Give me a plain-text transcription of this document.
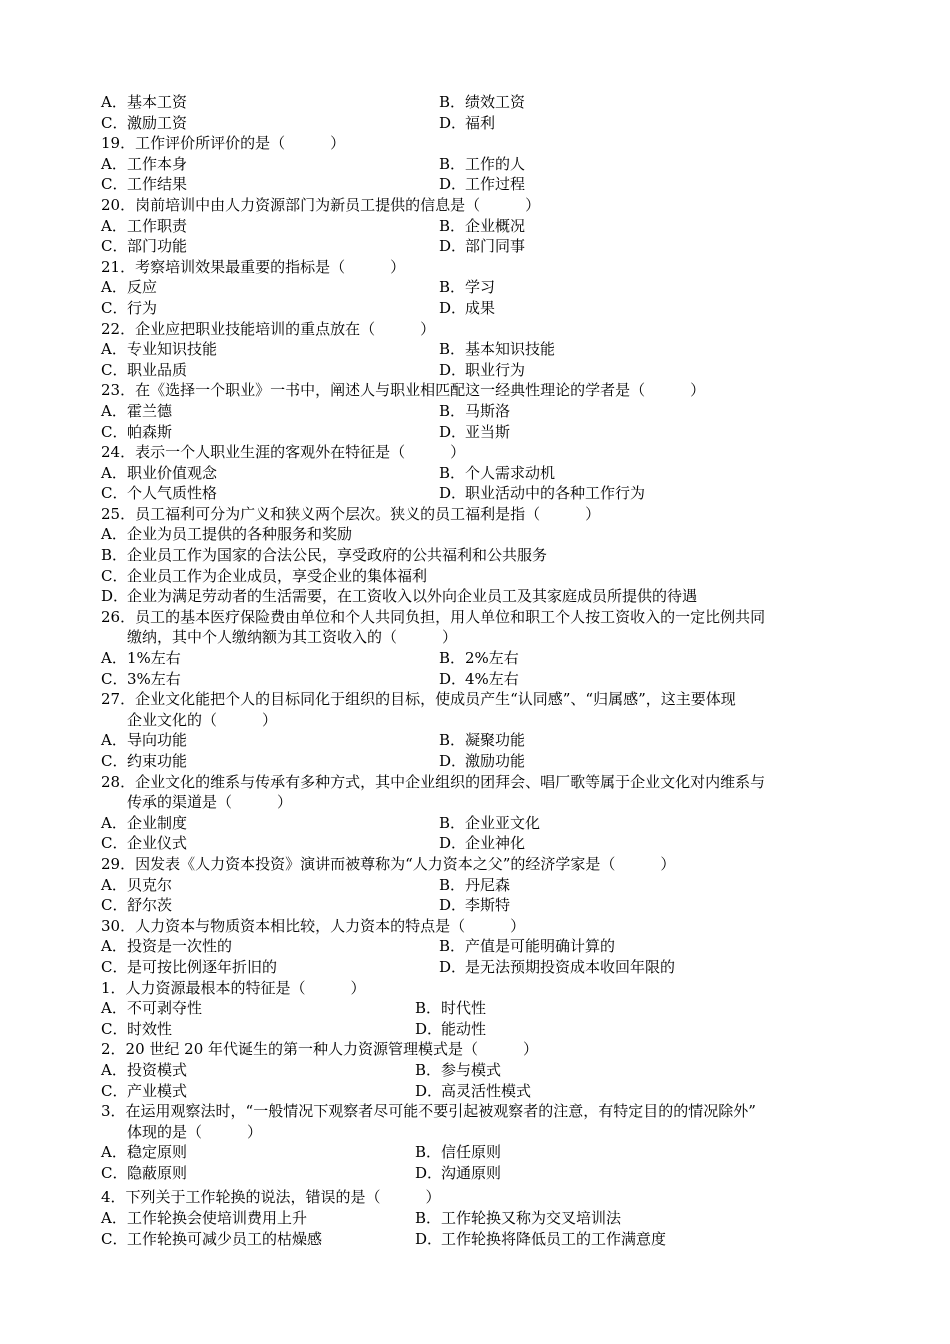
A．基本工资	B．绩效工资
C．激励工资	D．福利
19．工作评价所评价的是（　　　）
A．工作本身	B．工作的人
C．工作结果	D．工作过程
20．岗前培训中由人力资源部门为新员工提供的信息是（　　　）
A．工作职责	B．企业概况
C．部门功能	D．部门同事
21．考察培训效果最重要的指标是（　　　）
A．反应	B．学习
C．行为	D．成果
22．企业应把职业技能培训的重点放在（　　　）
A．专业知识技能	B．基本知识技能
C．职业品质	D．职业行为
23．在《选择一个职业》一书中，阐述人与职业相匹配这一经典性理论的学者是（　　　）
A．霍兰德	B．马斯洛
C．帕森斯	D．亚当斯
24．表示一个人职业生涯的客观外在特征是（　　　）
A．职业价值观念	B．个人需求动机
C．个人气质性格	D．职业活动中的各种工作行为
25．员工福利可分为广义和狭义两个层次。狭义的员工福利是指（　　　）
A．企业为员工提供的各种服务和奖励
B．企业员工作为国家的合法公民，享受政府的公共福利和公共服务
C．企业员工作为企业成员，享受企业的集体福利
D．企业为满足劳动者的生活需要，在工资收入以外向企业员工及其家庭成员所提供的待遇
26．员工的基本医疗保险费由单位和个人共同负担，用人单位和职工个人按工资收入的一定比例共同
缴纳，其中个人缴纳额为其工资收入的（　　　）
A．1%左右	B．2%左右
C．3%左右	D．4%左右
27．企业文化能把个人的目标同化于组织的目标，使成员产生“认同感”、“归属感”，这主要体现
企业文化的（　　　）
A．导向功能	B．凝聚功能
C．约束功能	D．激励功能
28．企业文化的维系与传承有多种方式，其中企业组织的团拜会、唱厂歌等属于企业文化对内维系与
传承的渠道是（　　　）
A．企业制度	B．企业亚文化
C．企业仪式	D．企业神化
29．因发表《人力资本投资》演讲而被尊称为“人力资本之父”的经济学家是（　　　）
A．贝克尔	B．丹尼森
C．舒尔茨	D．李斯特
30．人力资本与物质资本相比较，人力资本的特点是（　　　）
A．投资是一次性的	B．产值是可能明确计算的
C．是可按比例逐年折旧的	D．是无法预期投资成本收回年限的
1．人力资源最根本的特征是（　　　）
A．不可剥夺性	B．时代性
C．时效性	D．能动性
2．20 世纪 20 年代诞生的第一种人力资源管理模式是（　　　）
A．投资模式	B．参与模式
C．产业模式	D．高灵活性模式
3．在运用观察法时，“一般情况下观察者尽可能不要引起被观察者的注意，有特定目的的情况除外”
体现的是（　　　）
A．稳定原则	B．信任原则
C．隐蔽原则	D．沟通原则
4．下列关于工作轮换的说法，错误的是（　　　）
A．工作轮换会使培训费用上升	B．工作轮换又称为交叉培训法
C．工作轮换可减少员工的枯燥感	D．工作轮换将降低员工的工作满意度
